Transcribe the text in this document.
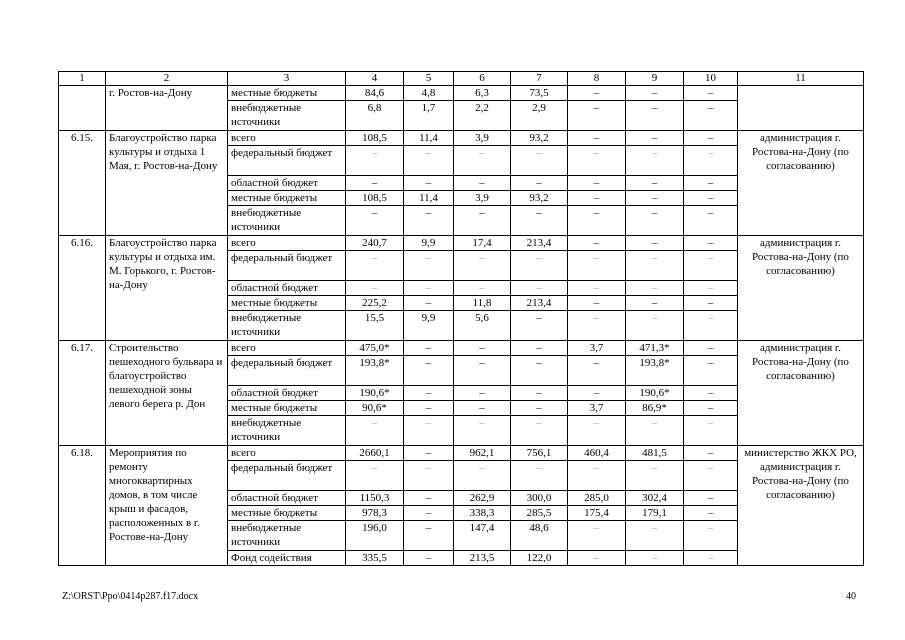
1	2	3	4	5	6	7	8	9	10	11
	г. Ростов-на-Дону	местные бюджеты	84,6	4,8	6,3	73,5	–	–	–	
		внебюджетные источники	6,8	1,7	2,2	2,9	–	–	–	
6.15.	Благоустройство парка культуры и отдыха 1 Мая, г. Ростов-на-Дону	всего	108,5	11,4	3,9	93,2	–	–	–	администрация г. Ростова-на-Дону (по согласованию)
		федеральный бюджет	–	–	–	–	–	–	–	
		областной бюджет	–	–	–	–	–	–	–	
		местные бюджеты	108,5	11,4	3,9	93,2	–	–	–	
		внебюджетные источники	–	–	–	–	–	–	–	
6.16.	Благоустройство парка культуры и отдыха им. М. Горького, г. Ростов-на-Дону	всего	240,7	9,9	17,4	213,4	–	–	–	администрация г. Ростова-на-Дону (по согласованию)
		федеральный бюджет	–	–	–	–	–	–	–	
		областной бюджет	–	–	–	–	–	–	–	
		местные бюджеты	225,2	–	11,8	213,4	–	–	–	
		внебюджетные источники	15,5	9,9	5,6	–	–	–	–	
6.17.	Строительство пешеходного бульвара и благоустройство пешеходной зоны левого берега р. Дон	всего	475,0*	–	–	–	3,7	471,3*	–	администрация г. Ростова-на-Дону (по согласованию)
		федеральный бюджет	193,8*	–	–	–	–	193,8*	–	
		областной бюджет	190,6*	–	–	–	–	190,6*	–	
		местные бюджеты	90,6*	–	–	–	3,7	86,9*	–	
		внебюджетные источники	–	–	–	–	–	–	–	
6.18.	Мероприятия по ремонту многоквартирных домов, в том числе крыш и фасадов, расположенных в г. Ростове-на-Дону	всего	2660,1	–	962,1	756,1	460,4	481,5	–	министерство ЖКХ РО, администрация г. Ростова-на-Дону (по согласованию)
		федеральный бюджет	–	–	–	–	–	–	–	
		областной бюджет	1150,3	–	262,9	300,0	285,0	302,4	–	
		местные бюджеты	978,3	–	338,3	285,5	175,4	179,1	–	
		внебюджетные источники	196,0	–	147,4	48,6	–	–	–	
		Фонд содействия	335,5	–	213,5	122,0	–	–	–	
Z:\ORST\Ppo\0414p287.f17.docx	40
